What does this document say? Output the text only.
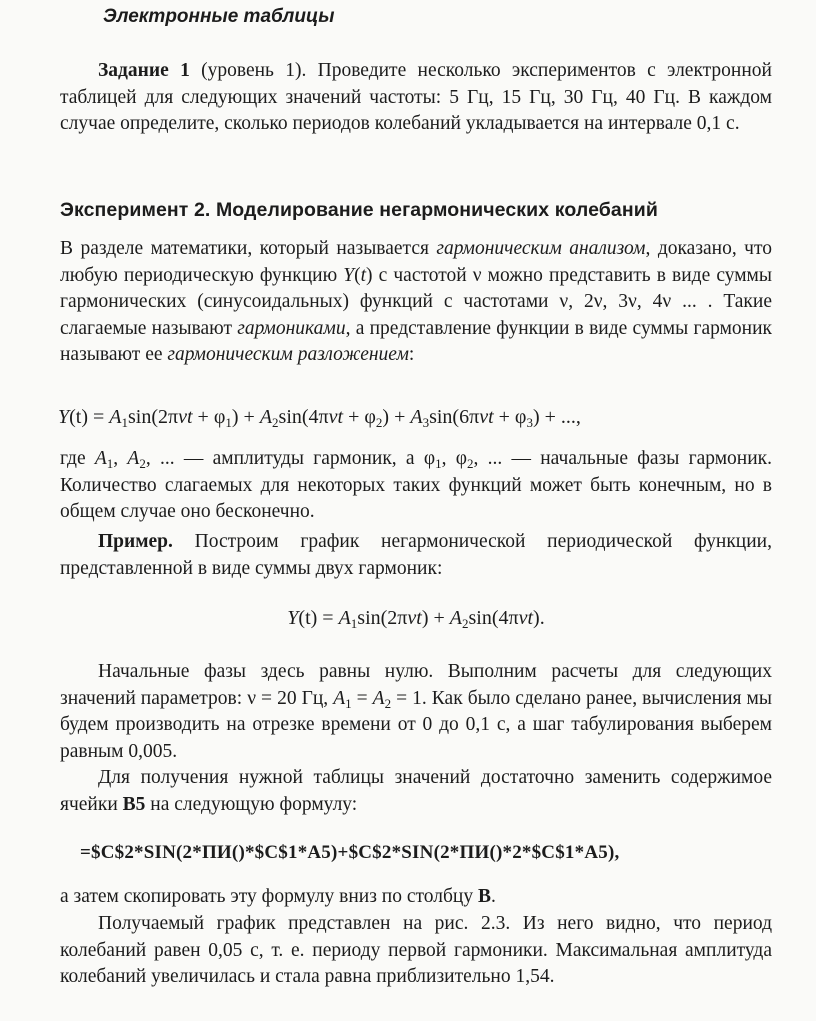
Электронные таблицы

Задание 1 (уровень 1). Проведите несколько экспериментов с электронной таблицей для следующих значений частоты: 5 Гц, 15 Гц, 30 Гц, 40 Гц. В каждом случае определите, сколько периодов колебаний укладывается на интервале 0,1 с.

Эксперимент 2. Моделирование негармонических колебаний

В разделе математики, который называется гармоническим анализом, доказано, что любую периодическую функцию Y(t) с частотой ν можно представить в виде суммы гармонических (синусоидальных) функций с частотами ν, 2ν, 3ν, 4ν ... . Такие слагаемые называют гармониками, а представление функции в виде суммы гармоник называют ее гармоническим разложением:

$Y(t) = A_1\sin(2\pi\nu t + \varphi_1) + A_2\sin(4\pi\nu t + \varphi_2) + A_3\sin(6\pi\nu t + \varphi_3)$ + ...,

где $A_1$, $A_2$, ... — амплитуды гармоник, а $\varphi_1$, $\varphi_2$, ... — начальные фазы гармоник. Количество слагаемых для некоторых таких функций может быть конечным, но в общем случае оно бесконечно.

Пример. Построим график негармонической периодической функции, представленной в виде суммы двух гармоник:

$Y(t) = A_1\sin(2\pi\nu t) + A_2\sin(4\pi\nu t)$.

Начальные фазы здесь равны нулю. Выполним расчеты для следующих значений параметров: ν = 20 Гц, $A_1 = A_2 = 1$. Как было сделано ранее, вычисления мы будем производить на отрезке времени от 0 до 0,1 с, а шаг табулирования выберем равным 0,005.

Для получения нужной таблицы значений достаточно заменить содержимое ячейки B5 на следующую формулу:

=$C$2*SIN(2*ПИ()*$C$1*A5)+$C$2*SIN(2*ПИ()*2*$C$1*A5),

а затем скопировать эту формулу вниз по столбцу B.

Получаемый график представлен на рис. 2.3. Из него видно, что период колебаний равен 0,05 с, т. е. периоду первой гармоники. Максимальная амплитуда колебаний увеличилась и стала равна приблизительно 1,54.
